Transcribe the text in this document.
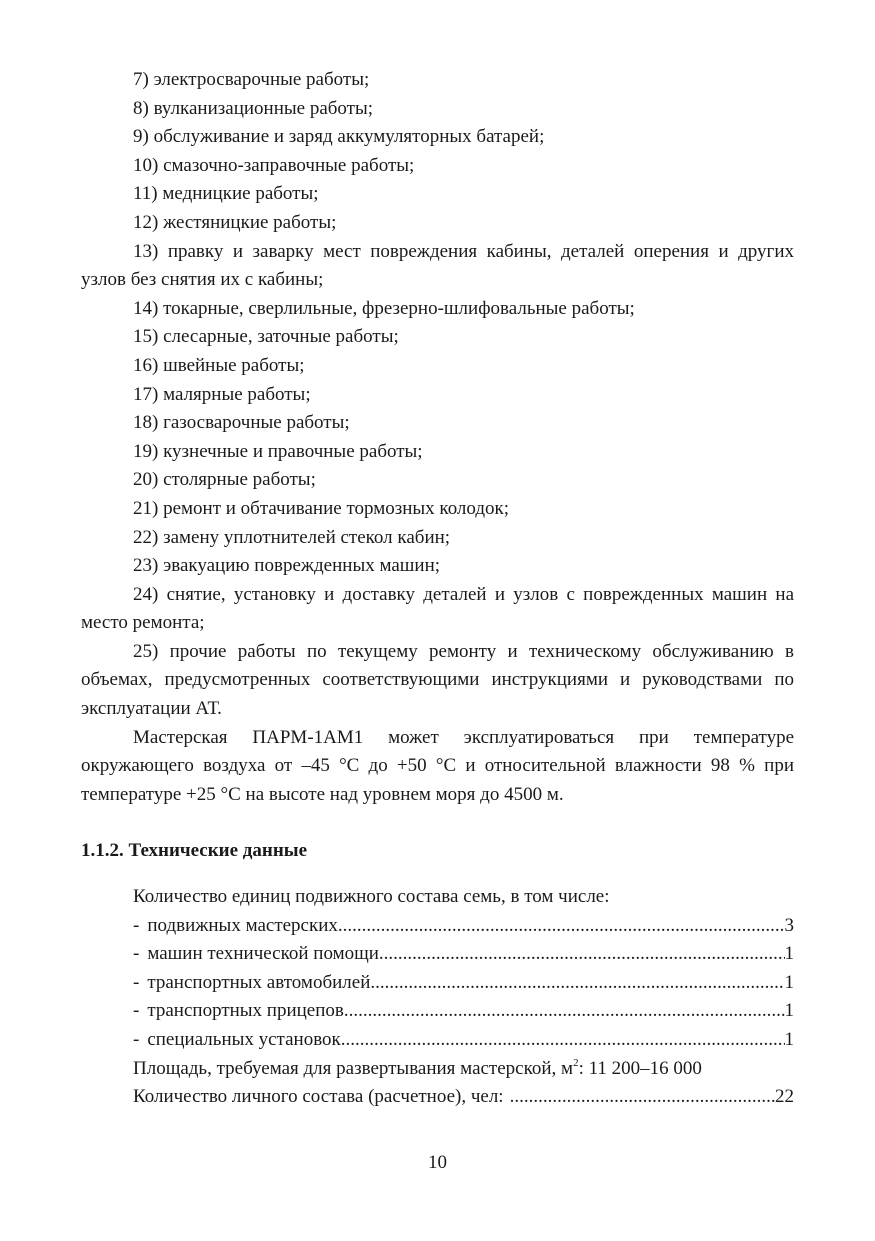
7) электросварочные работы;

8) вулканизационные работы;

9) обслуживание и заряд аккумуляторных батарей;

10) смазочно-заправочные работы;

11) медницкие работы;

12) жестяницкие работы;

13) правку и заварку мест повреждения кабины, деталей оперения и других узлов без снятия их с кабины;

14) токарные, сверлильные, фрезерно-шлифовальные работы;

15) слесарные, заточные работы;

16) швейные работы;

17) малярные работы;

18) газосварочные работы;

19) кузнечные и правочные работы;

20) столярные работы;

21) ремонт и обтачивание тормозных колодок;

22) замену уплотнителей стекол кабин;

23) эвакуацию поврежденных машин;

24) снятие, установку и доставку деталей и узлов с поврежденных машин на место ремонта;

25) прочие работы по текущему ремонту и техническому обслуживанию в объемах, предусмотренных соответствующими инструкциями и руководствами по эксплуатации АТ.

Мастерская ПАРМ-1АМ1 может эксплуатироваться при температуре окружающего воздуха от –45 °С до +50 °С и относительной влажности 98 % при температуре +25 °С на высоте над уровнем моря до 4500 м.

1.1.2. Технические данные

Количество единиц подвижного состава семь, в том числе:

- подвижных мастерских .....	3
- машин технической помощи .....	1
- транспортных автомобилей .....	1
- транспортных прицепов .....	1
- специальных установок .....	1

Площадь, требуемая для развертывания мастерской, $м^2$: 11 200–16 000

Количество личного состава (расчетное), чел: .....	22
10
